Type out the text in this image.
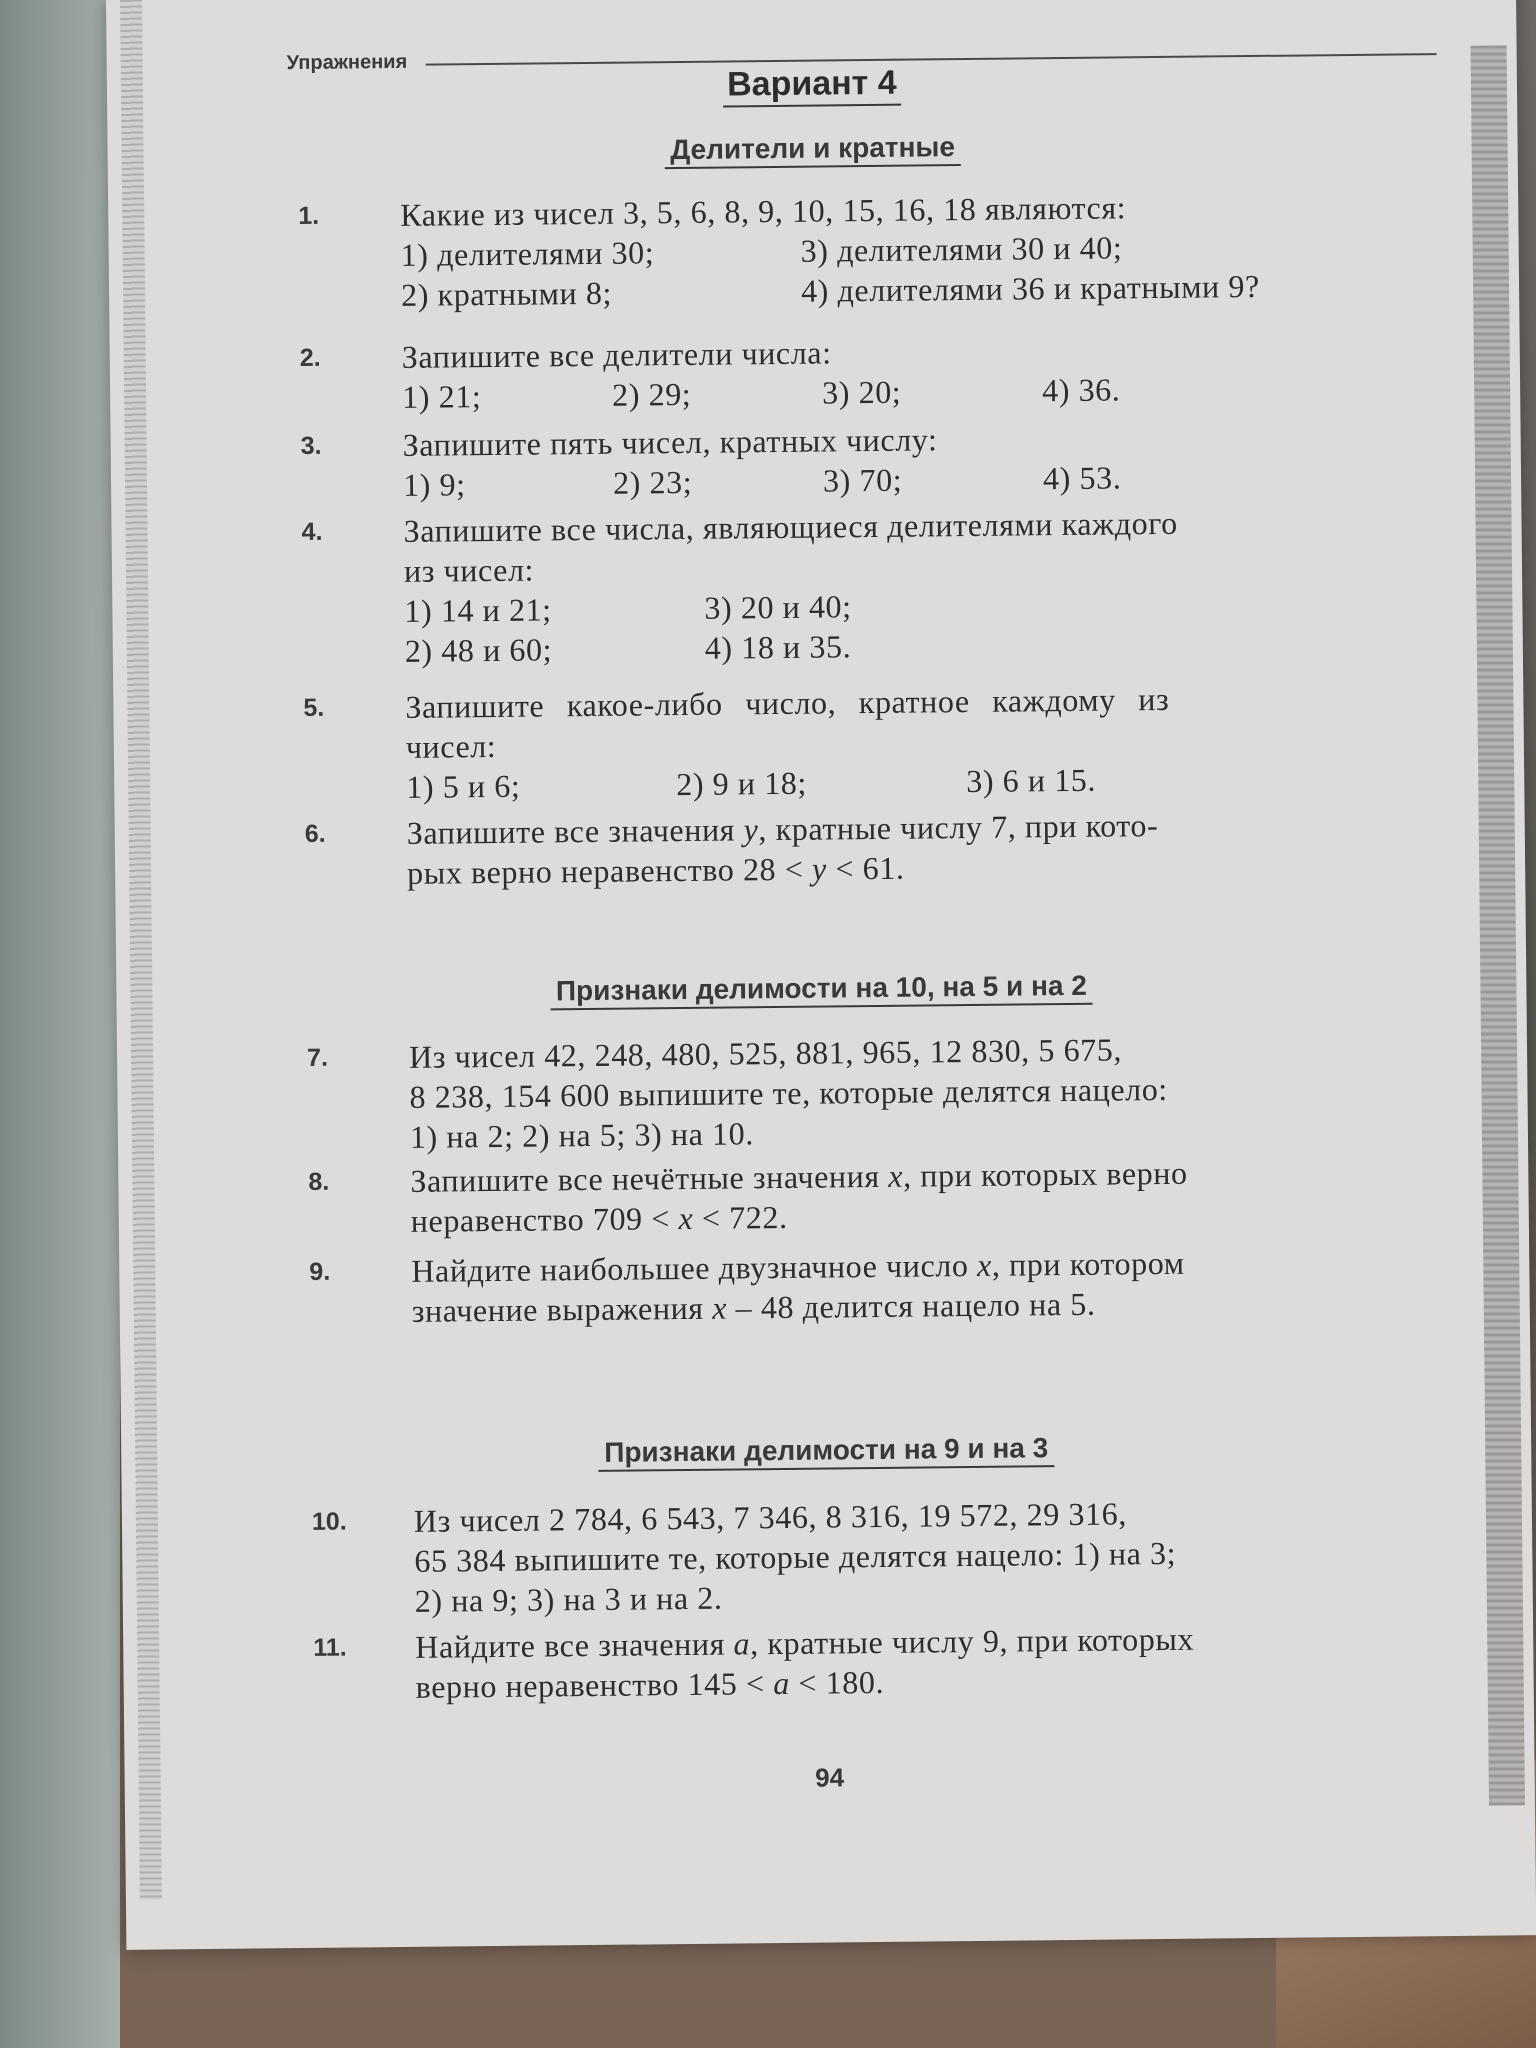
Упражнения
Вариант 4
Делители и кратные
1.	Какие из чисел 3, 5, 6, 8, 9, 10, 15, 16, 18 являются:
1) делителями 30;	3) делителями 30 и 40;
2) кратными 8;	4) делителями 36 и кратными 9?
2.	Запишите все делители числа:
1) 21;	2) 29;	3) 20;	4) 36.
3.	Запишите пять чисел, кратных числу:
1) 9;	2) 23;	3) 70;	4) 53.
4.	Запишите все числа, являющиеся делителями каждого
из чисел:
1) 14 и 21;	3) 20 и 40;
2) 48 и 60;	4) 18 и 35.
5.	Запишите какое-либо число, кратное каждому из
чисел:
1) 5 и 6;	2) 9 и 18;	3) 6 и 15.
6.	Запишите все значения y, кратные числу 7, при кото-
рых верно неравенство 28 < y < 61.
Признаки делимости на 10, на 5 и на 2
7.	Из чисел 42, 248, 480, 525, 881, 965, 12 830, 5 675,
8 238, 154 600 выпишите те, которые делятся нацело:
1) на 2; 2) на 5; 3) на 10.
8.	Запишите все нечётные значения x, при которых верно
неравенство 709 < x < 722.
9.	Найдите наибольшее двузначное число x, при котором
значение выражения x – 48 делится нацело на 5.
Признаки делимости на 9 и на 3
10. Из чисел 2 784, 6 543, 7 346, 8 316, 19 572, 29 316,
65 384 выпишите те, которые делятся нацело: 1) на 3;
2) на 9; 3) на 3 и на 2.
11. Найдите все значения a, кратные числу 9, при которых
верно неравенство 145 < a < 180.
94
